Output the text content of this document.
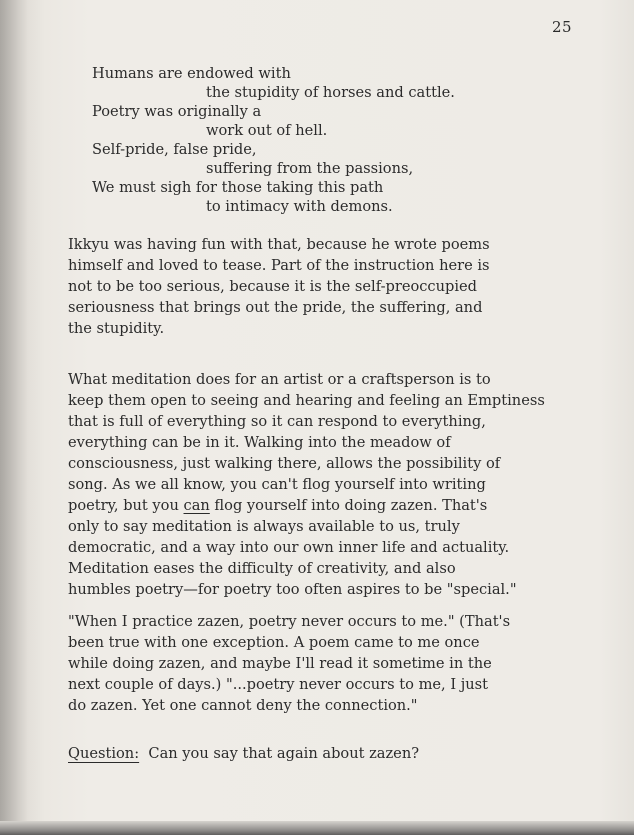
25
Humans are endowed with
the stupidity of horses and cattle.
Poetry was originally a
work out of hell.
Self-pride, false pride,
suffering from the passions,
We must sigh for those taking this path
to intimacy with demons.
Ikkyu was having fun with that, because he wrote poems
himself and loved to tease. Part of the instruction here is
not to be too serious, because it is the self-preoccupied
seriousness that brings out the pride, the suffering, and
the stupidity.
What meditation does for an artist or a craftsperson is to
keep them open to seeing and hearing and feeling an Emptiness
that is full of everything so it can respond to everything,
everything can be in it. Walking into the meadow of
consciousness, just walking there, allows the possibility of
song. As we all know, you can't flog yourself into writing
poetry, but you can flog yourself into doing zazen. That's
only to say meditation is always available to us, truly
democratic, and a way into our own inner life and actuality.
Meditation eases the difficulty of creativity, and also
humbles poetry—for poetry too often aspires to be "special."
"When I practice zazen, poetry never occurs to me." (That's
been true with one exception. A poem came to me once
while doing zazen, and maybe I'll read it sometime in the
next couple of days.) "...poetry never occurs to me, I just
do zazen. Yet one cannot deny the connection."
Question: Can you say that again about zazen?
